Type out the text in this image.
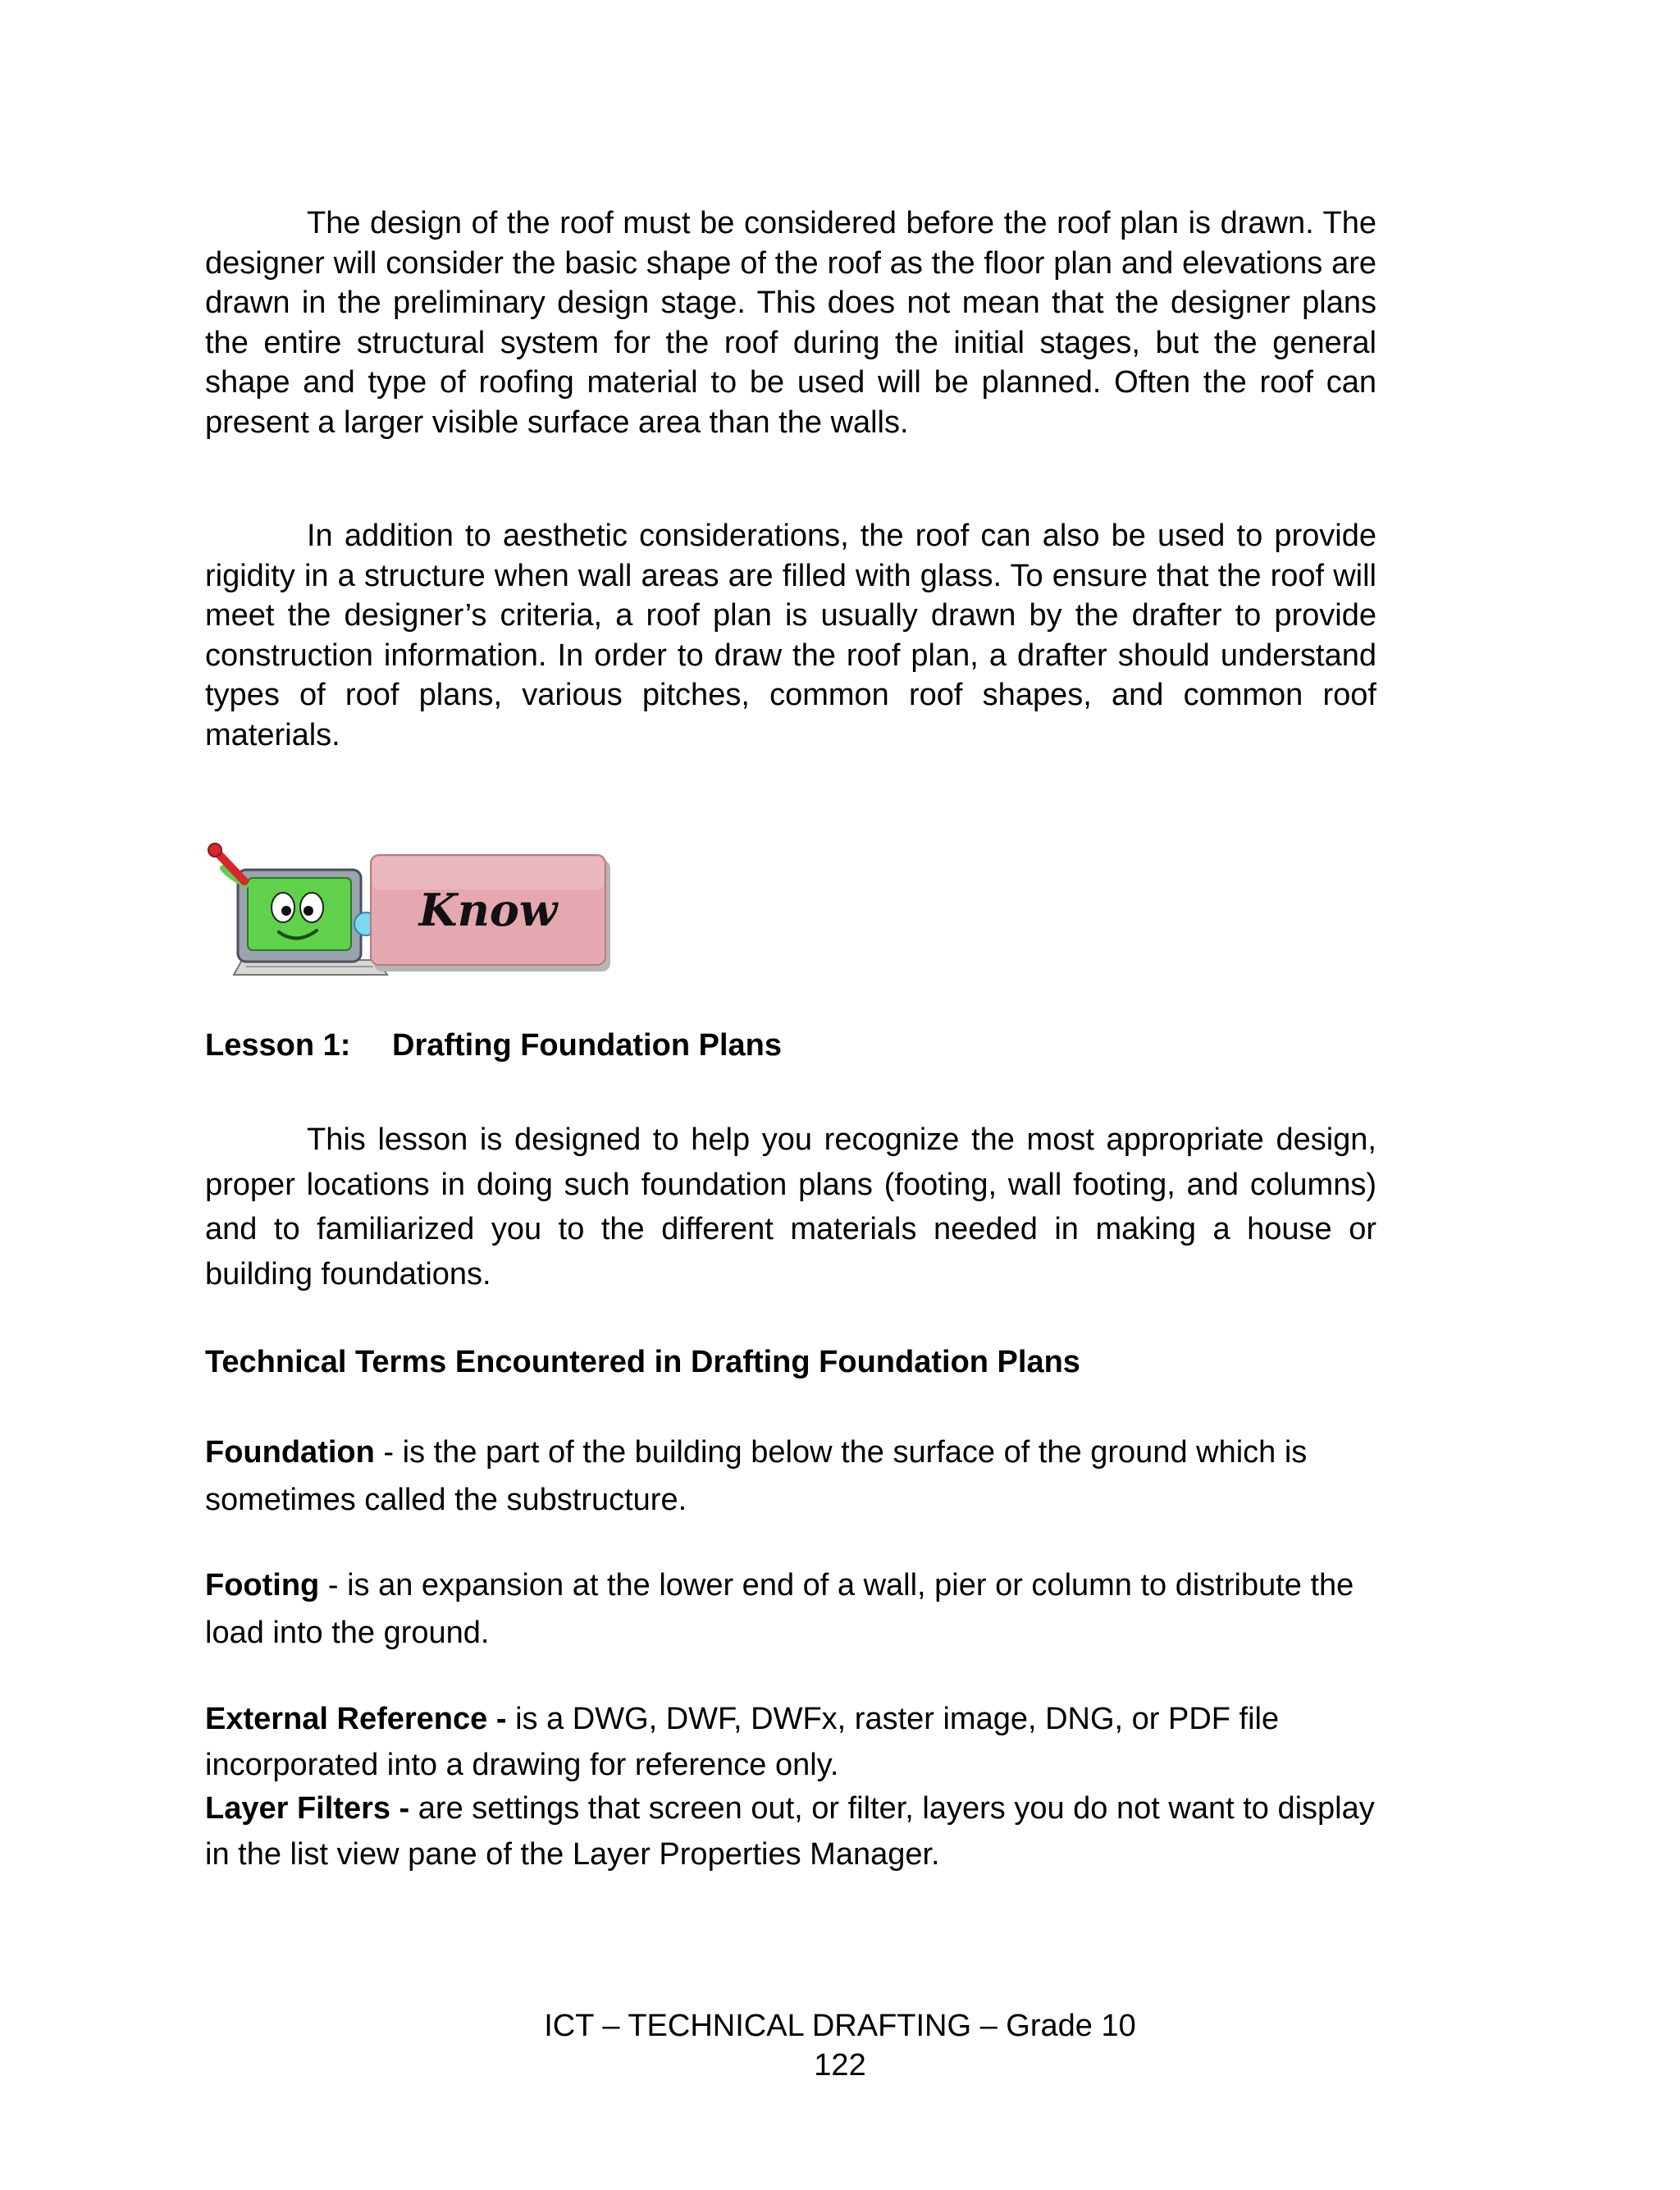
The design of the roof must be considered before the roof plan is drawn. The designer will consider the basic shape of the roof as the floor plan and elevations are drawn in the preliminary design stage. This does not mean that the designer plans the entire structural system for the roof during the initial stages, but the general shape and type of roofing material to be used will be planned. Often the roof can present a larger visible surface area than the walls.

In addition to aesthetic considerations, the roof can also be used to provide rigidity in a structure when wall areas are filled with glass. To ensure that the roof will meet the designer’s criteria, a roof plan is usually drawn by the drafter to provide construction information. In order to draw the roof plan, a drafter should understand types of roof plans, various pitches, common roof shapes, and common roof materials.

Lesson 1: Drafting Foundation Plans

This lesson is designed to help you recognize the most appropriate design, proper locations in doing such foundation plans (footing, wall footing, and columns) and to familiarized you to the different materials needed in making a house or building foundations.

Technical Terms Encountered in Drafting Foundation Plans

Foundation - is the part of the building below the surface of the ground which is sometimes called the substructure.

Footing - is an expansion at the lower end of a wall, pier or column to distribute the load into the ground.

External Reference - is a DWG, DWF, DWFx, raster image, DNG, or PDF file incorporated into a drawing for reference only.

Layer Filters - are settings that screen out, or filter, layers you do not want to display in the list view pane of the Layer Properties Manager.

Know
ICT – TECHNICAL DRAFTING – Grade 10
122
